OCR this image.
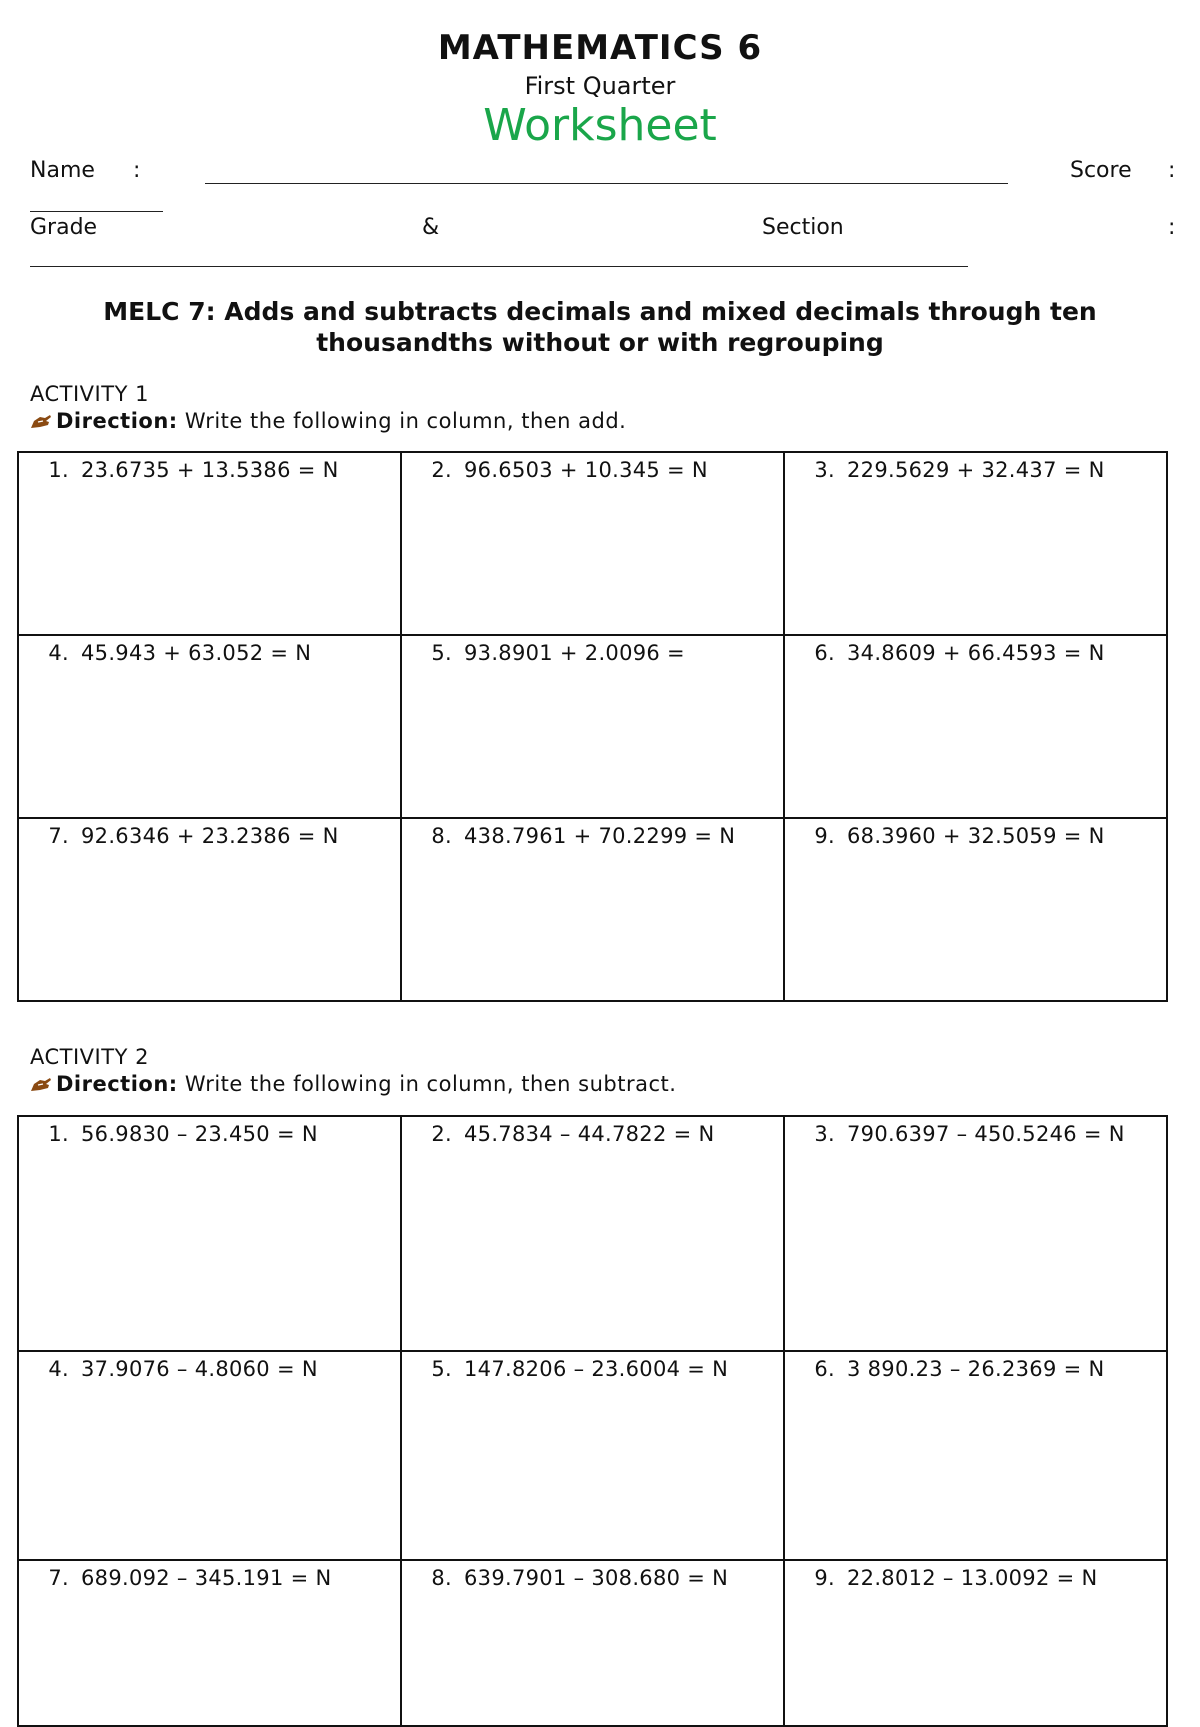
MATHEMATICS 6
First Quarter
Worksheet
Name :	Score :
Grade	&	Section	:
MELC 7: Adds and subtracts decimals and mixed decimals through ten thousandths without or with regrouping
ACTIVITY 1
Direction: Write the following in column, then add.
1. 23.6735 + 13.5386 = N	2. 96.6503 + 10.345 = N	3. 229.5629 + 32.437 = N

4. 45.943 + 63.052 = N	5. 93.8901 + 2.0096 =	6. 34.8609 + 66.4593 = N

7. 92.6346 + 23.2386 = N	8. 438.7961 + 70.2299 = N	9. 68.3960 + 32.5059 = N
ACTIVITY 2
Direction: Write the following in column, then subtract.
1. 56.9830 – 23.450 = N	2. 45.7834 – 44.7822 = N	3. 790.6397 – 450.5246 = N

4. 37.9076 – 4.8060 = N	5. 147.8206 – 23.6004 = N	6. 3 890.23 – 26.2369 = N

7. 689.092 – 345.191 = N	8. 639.7901 – 308.680 = N	9. 22.8012 – 13.0092 = N
